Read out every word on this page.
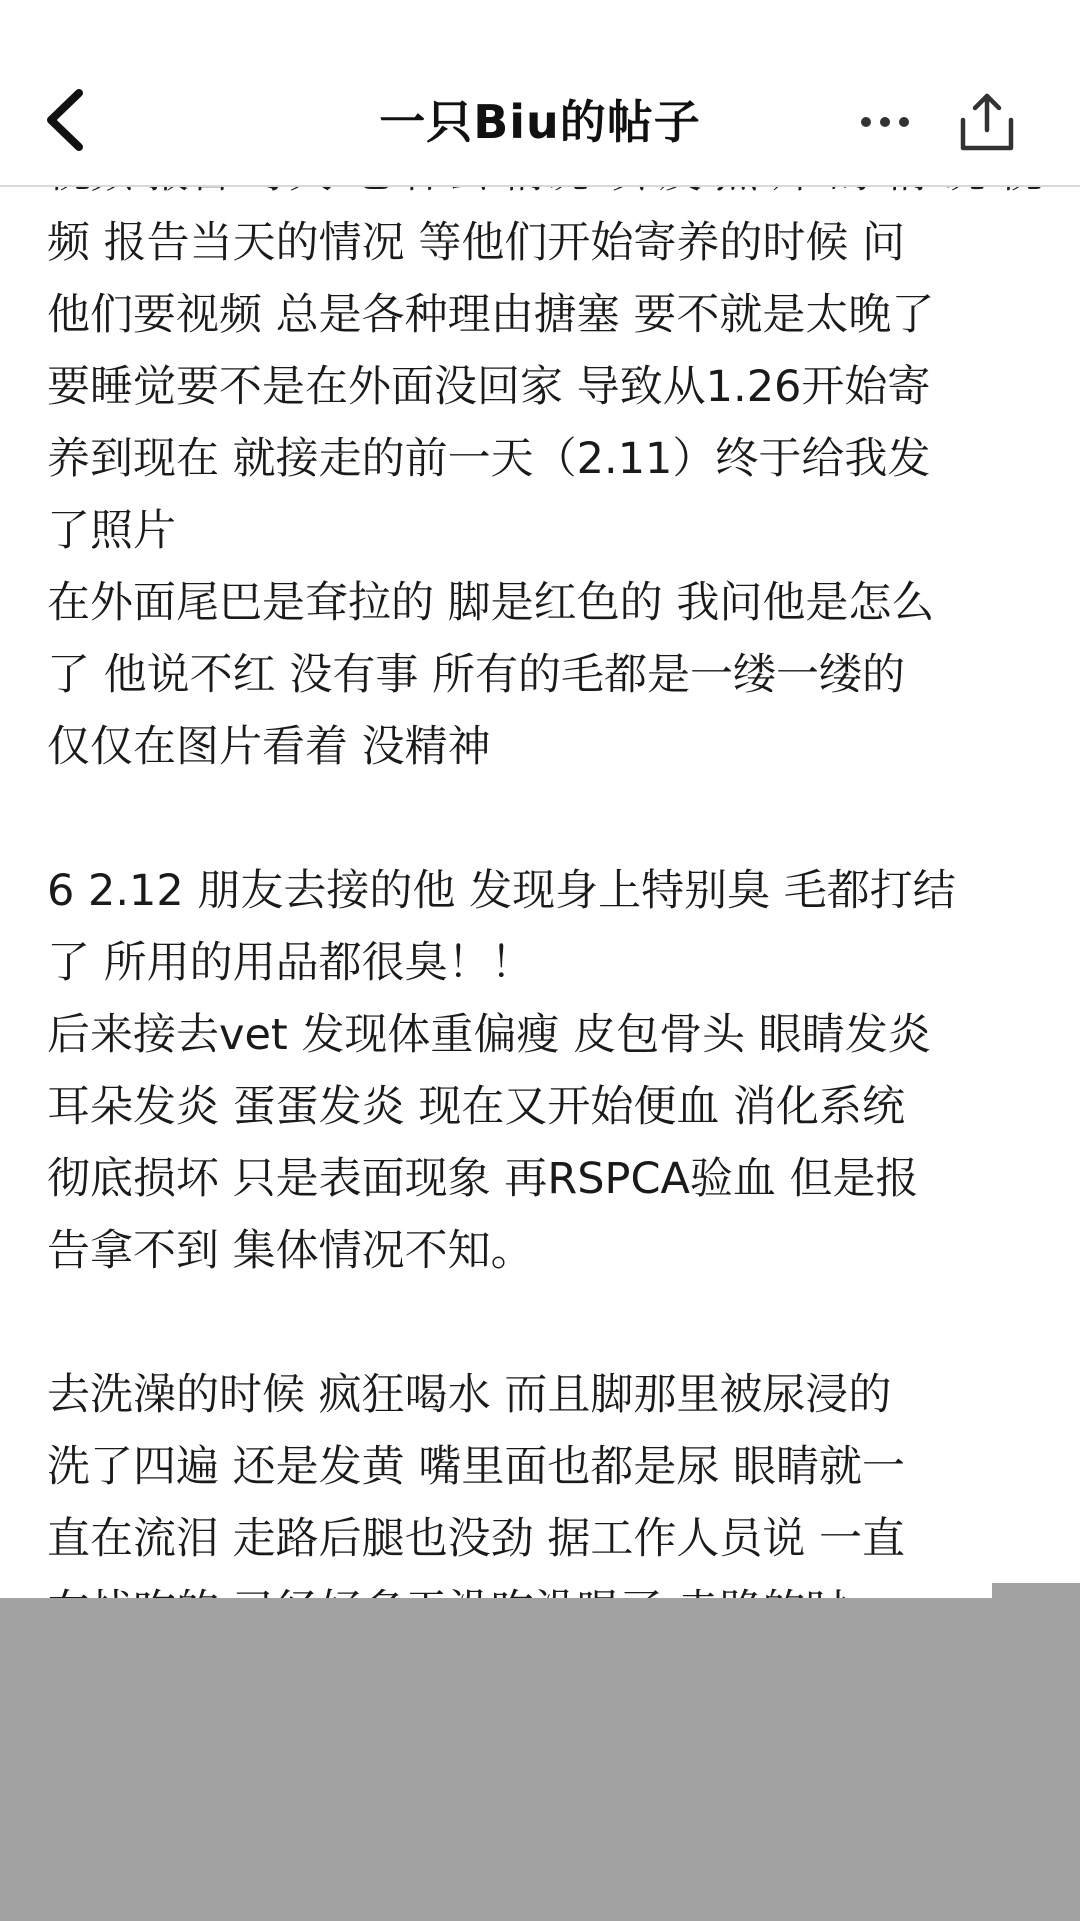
一只Biu的帖子
频 报告当天的情况 等他们开始寄养的时候 问
他们要视频 总是各种理由搪塞 要不就是太晚了
要睡觉要不是在外面没回家 导致从1.26开始寄
养到现在 就接走的前一天（2.11）终于给我发
了照片
在外面尾巴是耷拉的 脚是红色的 我问他是怎么
了 他说不红 没有事 所有的毛都是一缕一缕的
仅仅在图片看着 没精神
6 2.12 朋友去接的他 发现身上特别臭 毛都打结
了 所用的用品都很臭！！
后来接去vet 发现体重偏瘦 皮包骨头 眼睛发炎
耳朵发炎 蛋蛋发炎 现在又开始便血 消化系统
彻底损坏 只是表面现象 再RSPCA验血 但是报
告拿不到 集体情况不知。
去洗澡的时候 疯狂喝水 而且脚那里被尿浸的
洗了四遍 还是发黄 嘴里面也都是尿 眼睛就一
直在流泪 走路后腿也没劲 据工作人员说 一直
